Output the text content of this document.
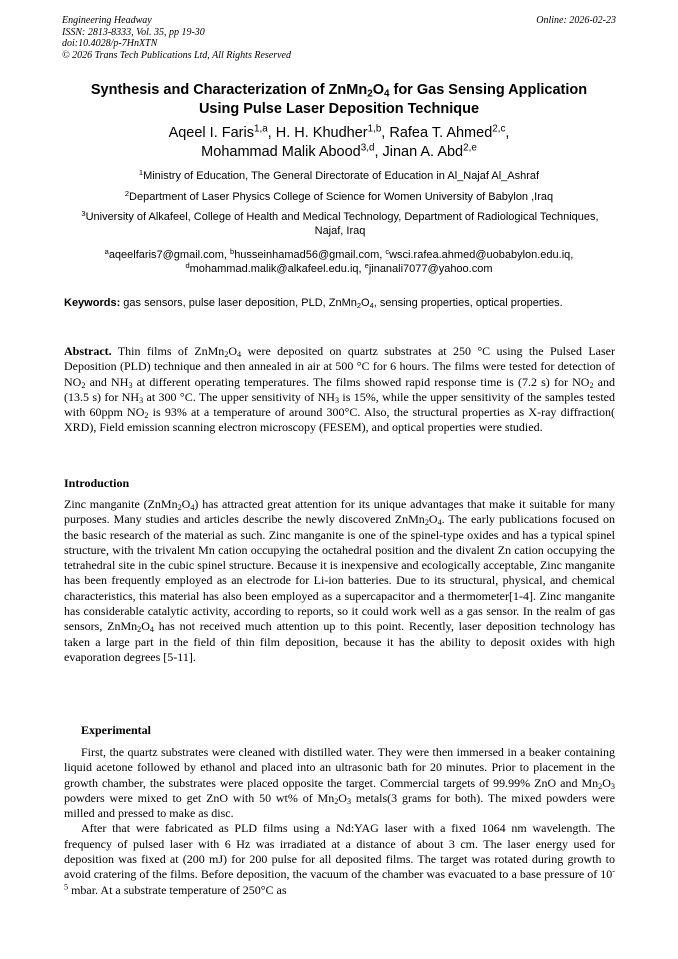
Engineering Headway
ISSN: 2813-8333, Vol. 35, pp 19-30
doi:10.4028/p-7HnXTN
© 2026 Trans Tech Publications Ltd, All Rights Reserved
Online: 2026-02-23
Synthesis and Characterization of $ZnMn_2O_4$ for Gas Sensing Application
Using Pulse Laser Deposition Technique
Aqeel I. Faris$^{1,a}$, H. H. Khudher$^{1,b}$, Rafea T. Ahmed$^{2,c}$,
Mohammad Malik Abood$^{3,d}$, Jinan A. Abd$^{2,e}$
$^1$Ministry of Education, The General Directorate of Education in Al_Najaf Al_Ashraf
$^2$Department of Laser Physics College of Science for Women University of Babylon ,Iraq
$^3$University of Alkafeel, College of Health and Medical Technology, Department of Radiological Techniques, Najaf, Iraq
$^a$aqeelfaris7@gmail.com, $^b$husseinhamad56@gmail.com, $^c$wsci.rafea.ahmed@uobabylon.edu.iq,
$^d$mohammad.malik@alkafeel.edu.iq, $^e$jinanali7077@yahoo.com
Keywords: gas sensors, pulse laser deposition, PLD, $ZnMn_2O_4$, sensing properties, optical properties.

Abstract. Thin films of $ZnMn_2O_4$ were deposited on quartz substrates at 250 °C using the Pulsed Laser Deposition (PLD) technique and then annealed in air at 500 °C for 6 hours. The films were tested for detection of $NO_2$ and $NH_3$ at different operating temperatures. The films showed rapid response time is (7.2 s) for $NO_2$ and (13.5 s) for $NH_3$ at 300 °C. The upper sensitivity of $NH_3$ is 15%, while the upper sensitivity of the samples tested with 60ppm $NO_2$ is 93% at a temperature of around 300°C. Also, the structural properties as X-ray diffraction( XRD), Field emission scanning electron microscopy (FESEM), and optical properties were studied.

Introduction

Zinc manganite $(ZnMn_2O_4)$ has attracted great attention for its unique advantages that make it suitable for many purposes. Many studies and articles describe the newly discovered $ZnMn_2O_4$. The early publications focused on the basic research of the material as such. Zinc manganite is one of the spinel-type oxides and has a typical spinel structure, with the trivalent Mn cation occupying the octahedral position and the divalent Zn cation occupying the tetrahedral site in the cubic spinel structure. Because it is inexpensive and ecologically acceptable, Zinc manganite has been frequently employed as an electrode for Li-ion batteries. Due to its structural, physical, and chemical characteristics, this material has also been employed as a supercapacitor and a thermometer[1-4]. Zinc manganite has considerable catalytic activity, according to reports, so it could work well as a gas sensor. In the realm of gas sensors, $ZnMn_2O_4$ has not received much attention up to this point. Recently, laser deposition technology has taken a large part in the field of thin film deposition, because it has the ability to deposit oxides with high evaporation degrees [5-11].

Experimental

First, the quartz substrates were cleaned with distilled water. They were then immersed in a beaker containing liquid acetone followed by ethanol and placed into an ultrasonic bath for 20 minutes. Prior to placement in the growth chamber, the substrates were placed opposite the target. Commercial targets of 99.99% ZnO and $Mn_2O_3$ powders were mixed to get ZnO with 50 wt% of $Mn_2O_3$ metals(3 grams for both). The mixed powders were milled and pressed to make as disc.

After that were fabricated as PLD films using a Nd:YAG laser with a fixed 1064 nm wavelength. The frequency of pulsed laser with 6 Hz was irradiated at a distance of about 3 cm. The laser energy used for deposition was fixed at (200 mJ) for 200 pulse for all deposited films. The target was rotated during growth to avoid cratering of the films. Before deposition, the vacuum of the chamber was evacuated to a base pressure of $10^{-5}$ mbar. At a substrate temperature of 250°C as
